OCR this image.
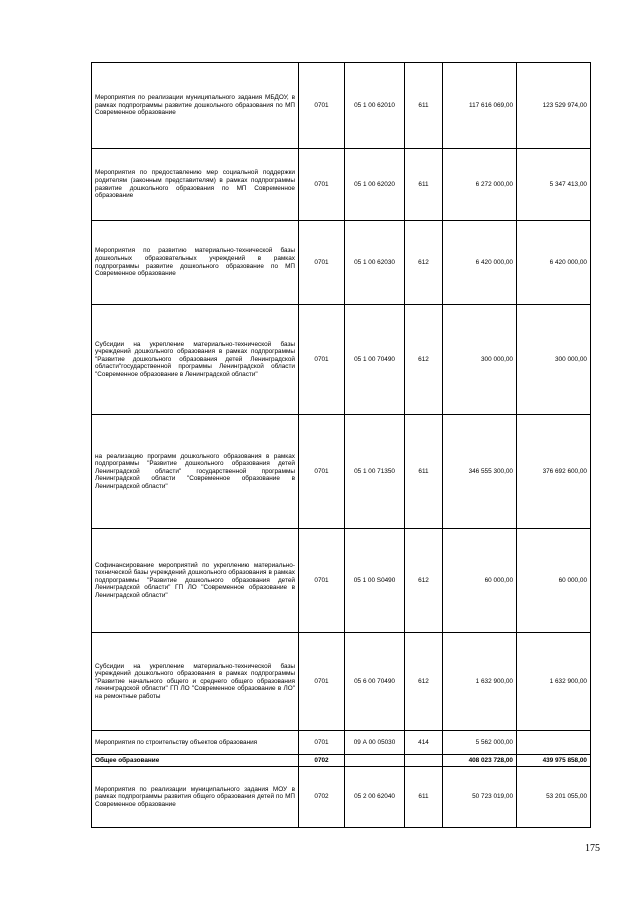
Мероприятия по реализации муниципального задания МБДОУ, в рамках подпрограммы развитие дошкольного образования по МП Современное образование	0701	05 1 00 62010	611	117 616 069,00	123 529 974,00
Мероприятия по предоставлению мер социальной поддержки родителям (законным представителям) в рамках подпрограммы развитие дошкольного образования по МП Современное образование	0701	05 1 00 62020	611	6 272 000,00	5 347 413,00
Мероприятия по развитию материально-технической базы дошкольных образовательных учреждений в рамках подпрограммы развитие дошкольного образование по МП Современное образование	0701	05 1 00 62030	612	6 420 000,00	6 420 000,00
Субсидии на укрепление материально-технической базы учреждений дошкольного образования в рамках подпрограммы "Развитие дошкольного образования детей Ленинградской области"государственной программы Ленинградской области "Современное образование в Ленинградской области"	0701	05 1 00 70490	612	300 000,00	300 000,00
на реализацию программ дошкольного образования в рамках подпрограммы "Развитие дошкольного образования детей Ленинградской области" государственной программы Ленинградской области "Современное образование в Ленинградской области"	0701	05 1 00 71350	611	346 555 300,00	376 692 600,00
Софинансирование мероприятий по укреплению материально-технической базы учреждений дошкольного образования в рамках подпрограммы "Развитие дошкольного образования детей Ленинградской области" ГП ЛО "Современное образование в Ленинградской области"	0701	05 1 00 S0490	612	60 000,00	60 000,00
Субсидии на укрепление материально-технической базы учреждений дошкольного образования в рамках подпрограммы "Развитие начального общего и среднего общего образования ленинградской области" ГП ЛО "Современное образование в ЛО" на ремонтные работы	0701	05 6 00 70490	612	1 632 900,00	1 632 900,00
Мероприятия по строительству объектов образования	0701	09 А 00 05030	414	5 562 000,00	
Общее образование	0702			408 023 728,00	439 975 858,00
Мероприятия по реализации муниципального задания МОУ в рамках подпрограммы развития общего образования детей по МП Современное образование	0702	05 2 00 62040	611	50 723 019,00	53 201 055,00
175
